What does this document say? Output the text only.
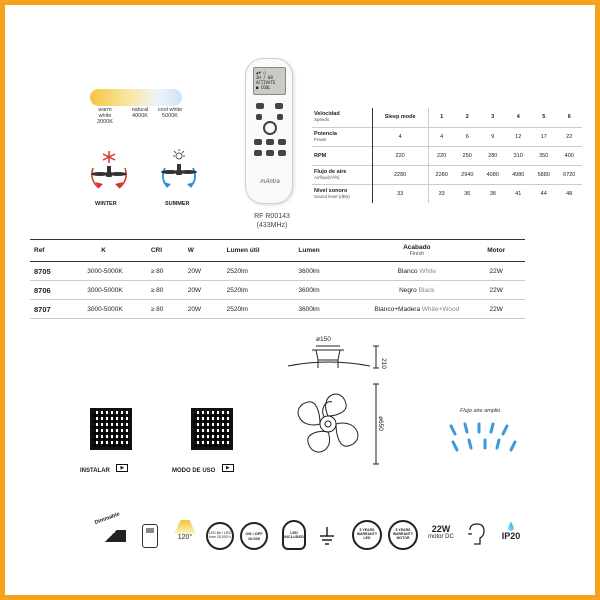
warm white
3000K
natural
4000K
cool white
5000K
WINTER	SUMMER
▲▼ ◯
3H / 00
ACTIVATE
■ COOL
mAntra
RF R00143
(433MHz)
Velocidad
Speeds	Sleep mode	1	2	3	4	5	6

Potencia
Power	4	4	6	9	12	17	22
RPM	220	220	250	280	310	350	400

Flujo de aire
Airflow(m³/h)	2280	2280	2940	4080	4980	5880	6720

Nivel sonoro
Sound level (dBa)	33	33	36	38	41	44	48
Ref	K	CRI	W	Lumen útil	Lumen	Acabado
Finish	Motor
8705	3000-5000K	≥ 80	20W	2520lm	3600lm	Blanco White	22W
8706	3000-5000K	≥ 80	20W	2520lm	3600lm	Negro Black	22W
8707	3000-5000K	≥ 80	20W	2520lm	3600lm	Blanco+Madera White+Wood	22W
ø150
210
ø650
Flujo aire amplio
INSTALAR ▶
MODO DE USO ▶
Dimmable
120°
LED life / LED time 25.000 h
ON / OFF 10.000
LED INCLUDED
5 YEARS WARRANTY LED
8 YEARS WARRANTY MOTOR
22W
motor DC
💧
IP20
